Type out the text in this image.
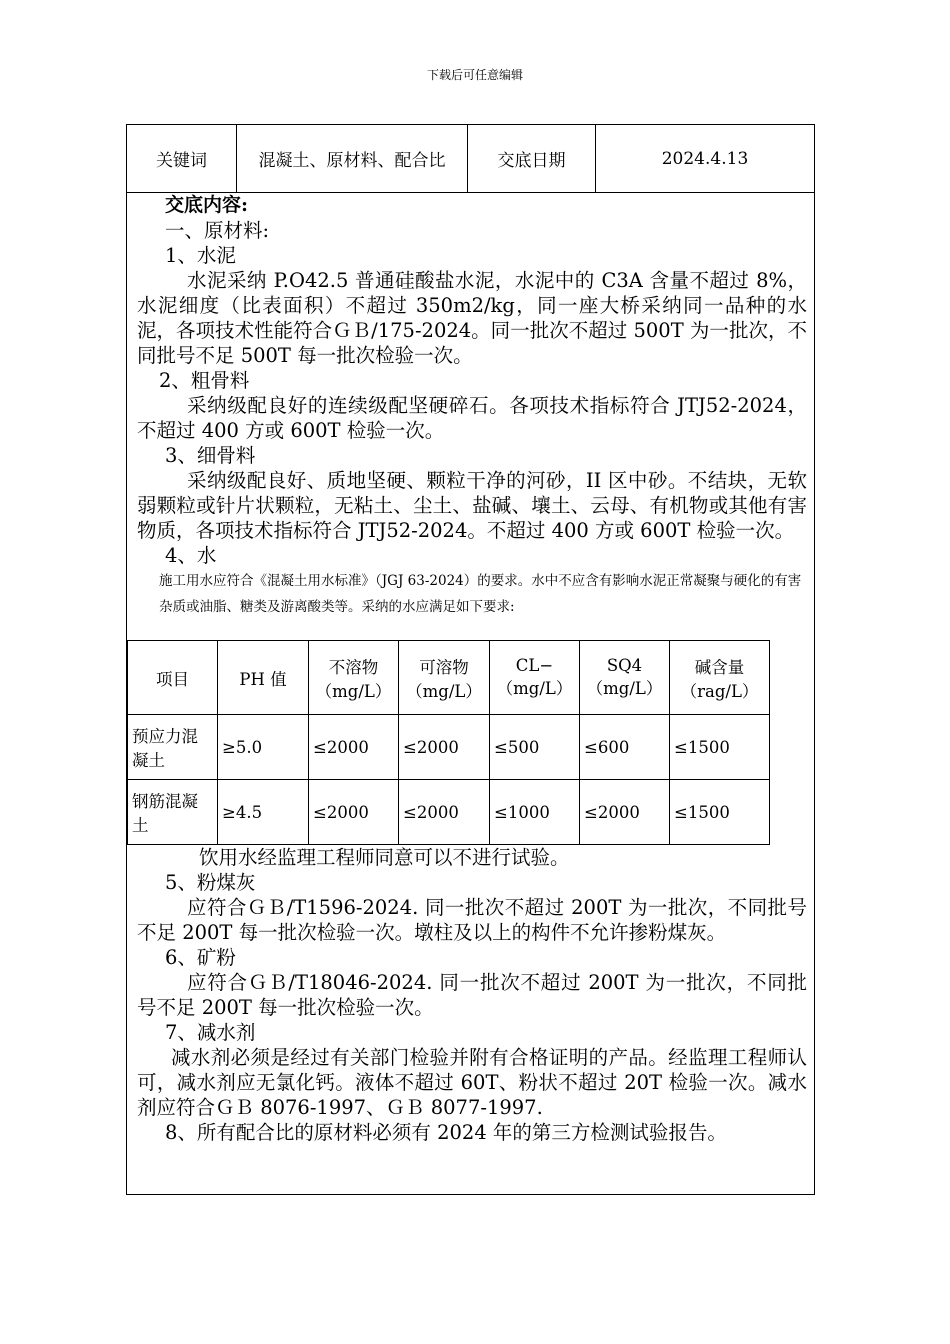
下载后可任意编辑
关键词	混凝土、原材料、配合比	交底日期	2024.4.13

交底内容:

一、原材料:

1、水泥

水泥采纳 P.O42.5 普通硅酸盐水泥，水泥中的 C3A 含量不超过 8%，水泥细度（比表面积）不超过 350m2/kg，同一座大桥采纳同一品种的水泥，各项技术性能符合ＧＢ/175-2024。同一批次不超过 500T 为一批次，不同批号不足 500T 每一批次检验一次。

2、粗骨料

采纳级配良好的连续级配坚硬碎石。各项技术指标符合 JTJ52-2024，不超过 400 方或 600T 检验一次。

3、细骨料

采纳级配良好、质地坚硬、颗粒干净的河砂，II 区中砂。不结块，无软弱颗粒或针片状颗粒，无粘土、尘土、盐碱、壤土、云母、有机物或其他有害物质，各项技术指标符合 JTJ52-2024。不超过 400 方或 600T 检验一次。

4、水

施工用水应符合《混凝土用水标准》（JGJ 63-2024）的要求。水中不应含有影响水泥正常凝聚与硬化的有害杂质或油脂、糖类及游离酸类等。采纳的水应满足如下要求:

项目	PH 值	不溶物（mg/L）	可溶物（mg/L）	CL−（mg/L）	SQ4（mg/L）	碱含量（rag/L）
预应力混凝土	≥5.0	≤2000	≤2000	≤500	≤600	≤1500
钢筋混凝土	≥4.5	≤2000	≤2000	≤1000	≤2000	≤1500

饮用水经监理工程师同意可以不进行试验。

5、粉煤灰

应符合ＧＢ/T1596-2024. 同一批次不超过 200T 为一批次，不同批号不足 200T 每一批次检验一次。墩柱及以上的构件不允许掺粉煤灰。

6、矿粉

应符合ＧＢ/T18046-2024. 同一批次不超过 200T 为一批次，不同批号不足 200T 每一批次检验一次。

7、减水剂

减水剂必须是经过有关部门检验并附有合格证明的产品。经监理工程师认可，减水剂应无氯化钙。液体不超过 60T、粉状不超过 20T 检验一次。减水剂应符合ＧＢ 8076-1997、ＧＢ 8077-1997.

8、所有配合比的原材料必须有 2024 年的第三方检测试验报告。
